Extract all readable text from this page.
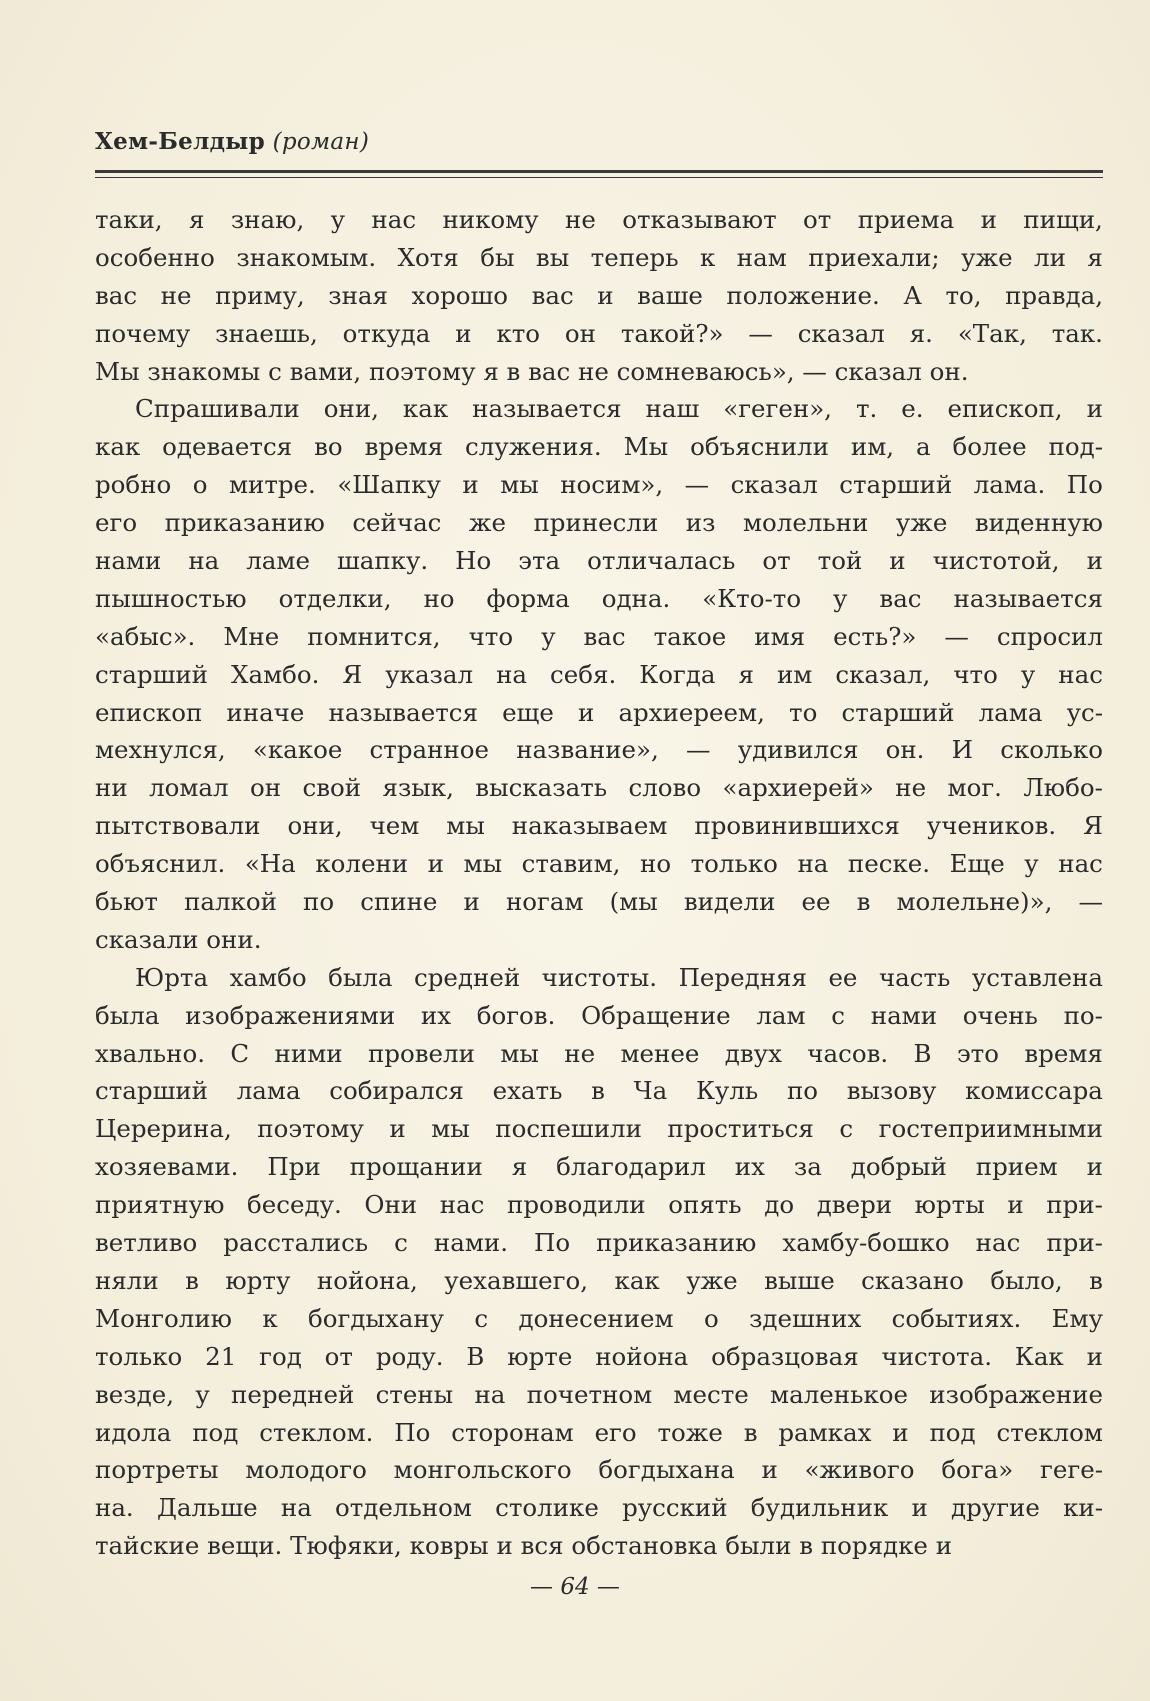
Хем-Белдыр (роман)
таки, я знаю, у нас никому не отказывают от приема и пищи,
особенно знакомым. Хотя бы вы теперь к нам приехали; уже ли я
вас не приму, зная хорошо вас и ваше положение. А то, правда,
почему знаешь, откуда и кто он такой?» — сказал я. «Так, так.
Мы знакомы с вами, поэтому я в вас не сомневаюсь», — сказал он.
Спрашивали они, как называется наш «геген», т. е. епископ, и
как одевается во время служения. Мы объяснили им, а более под-
робно о митре. «Шапку и мы носим», — сказал старший лама. По
его приказанию сейчас же принесли из молельни уже виденную
нами на ламе шапку. Но эта отличалась от той и чистотой, и
пышностью отделки, но форма одна. «Кто-то у вас называется
«абыс». Мне помнится, что у вас такое имя есть?» — спросил
старший Хамбо. Я указал на себя. Когда я им сказал, что у нас
епископ иначе называется еще и архиереем, то старший лама ус-
мехнулся, «какое странное название», — удивился он. И сколько
ни ломал он свой язык, высказать слово «архиерей» не мог. Любо-
пытствовали они, чем мы наказываем провинившихся учеников. Я
объяснил. «На колени и мы ставим, но только на песке. Еще у нас
бьют палкой по спине и ногам (мы видели ее в молельне)», —
сказали они.
Юрта хамбо была средней чистоты. Передняя ее часть уставлена
была изображениями их богов. Обращение лам с нами очень по-
хвально. С ними провели мы не менее двух часов. В это время
старший лама собирался ехать в Ча Куль по вызову комиссара
Церерина, поэтому и мы поспешили проститься с гостеприимными
хозяевами. При прощании я благодарил их за добрый прием и
приятную беседу. Они нас проводили опять до двери юрты и при-
ветливо расстались с нами. По приказанию хамбу-бошко нас при-
няли в юрту нойона, уехавшего, как уже выше сказано было, в
Монголию к богдыхану с донесением о здешних событиях. Ему
только 21 год от роду. В юрте нойона образцовая чистота. Как и
везде, у передней стены на почетном месте маленькое изображение
идола под стеклом. По сторонам его тоже в рамках и под стеклом
портреты молодого монгольского богдыхана и «живого бога» геге-
на. Дальше на отдельном столике русский будильник и другие ки-
тайские вещи. Тюфяки, ковры и вся обстановка были в порядке и
— 64 —
